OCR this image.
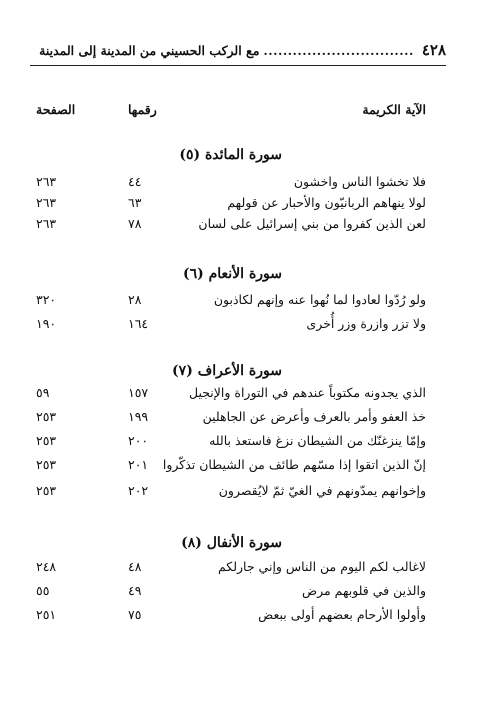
٤٢٨
...............................
مع الركب الحسيني من المدينة إلى المدينة
الآية الكريمة
رقمها
الصفحة
سورة المائدة (٥)
فلا تخشوا الناس واخشون
٤٤
٢٦٣
لولا ينهاهم الربانيّون والأحبار عن قولهم
٦٣
٢٦٣
لعن الذين كفروا من بني إسرائيل على لسان
٧٨
٢٦٣
سورة الأنعام (٦)
ولو رُدّوا لعادوا لما نُهوا عنه وإنهم لكاذبون
٢٨
٣٢٠
ولا تزر وازرة وزر أُخرى
١٦٤
١٩٠
سورة الأعراف (٧)
الذي يجدونه مكتوباً عندهم في التوراة والإنجيل
١٥٧
٥٩
خذ العفو وأمر بالعرف وأعرض عن الجاهلين
١٩٩
٢٥٣
وإمّا ينزغنّك من الشيطان نزغ فاستعذ بالله
٢٠٠
٢٥٣
إنّ الذين اتقوا إذا مسّهم طائف من الشيطان تذكّروا
٢٠١
٢٥٣
وإخوانهم يمدّونهم في الغيّ ثمّ لايُقصرون
٢٠٢
٢٥٣
سورة الأنفال (٨)
لاغالب لكم اليوم من الناس وإني جارلكم
٤٨
٢٤٨
والذين في قلوبهم مرض
٤٩
٥٥
وأولوا الأرحام بعضهم أولى ببعض
٧٥
٢٥١
